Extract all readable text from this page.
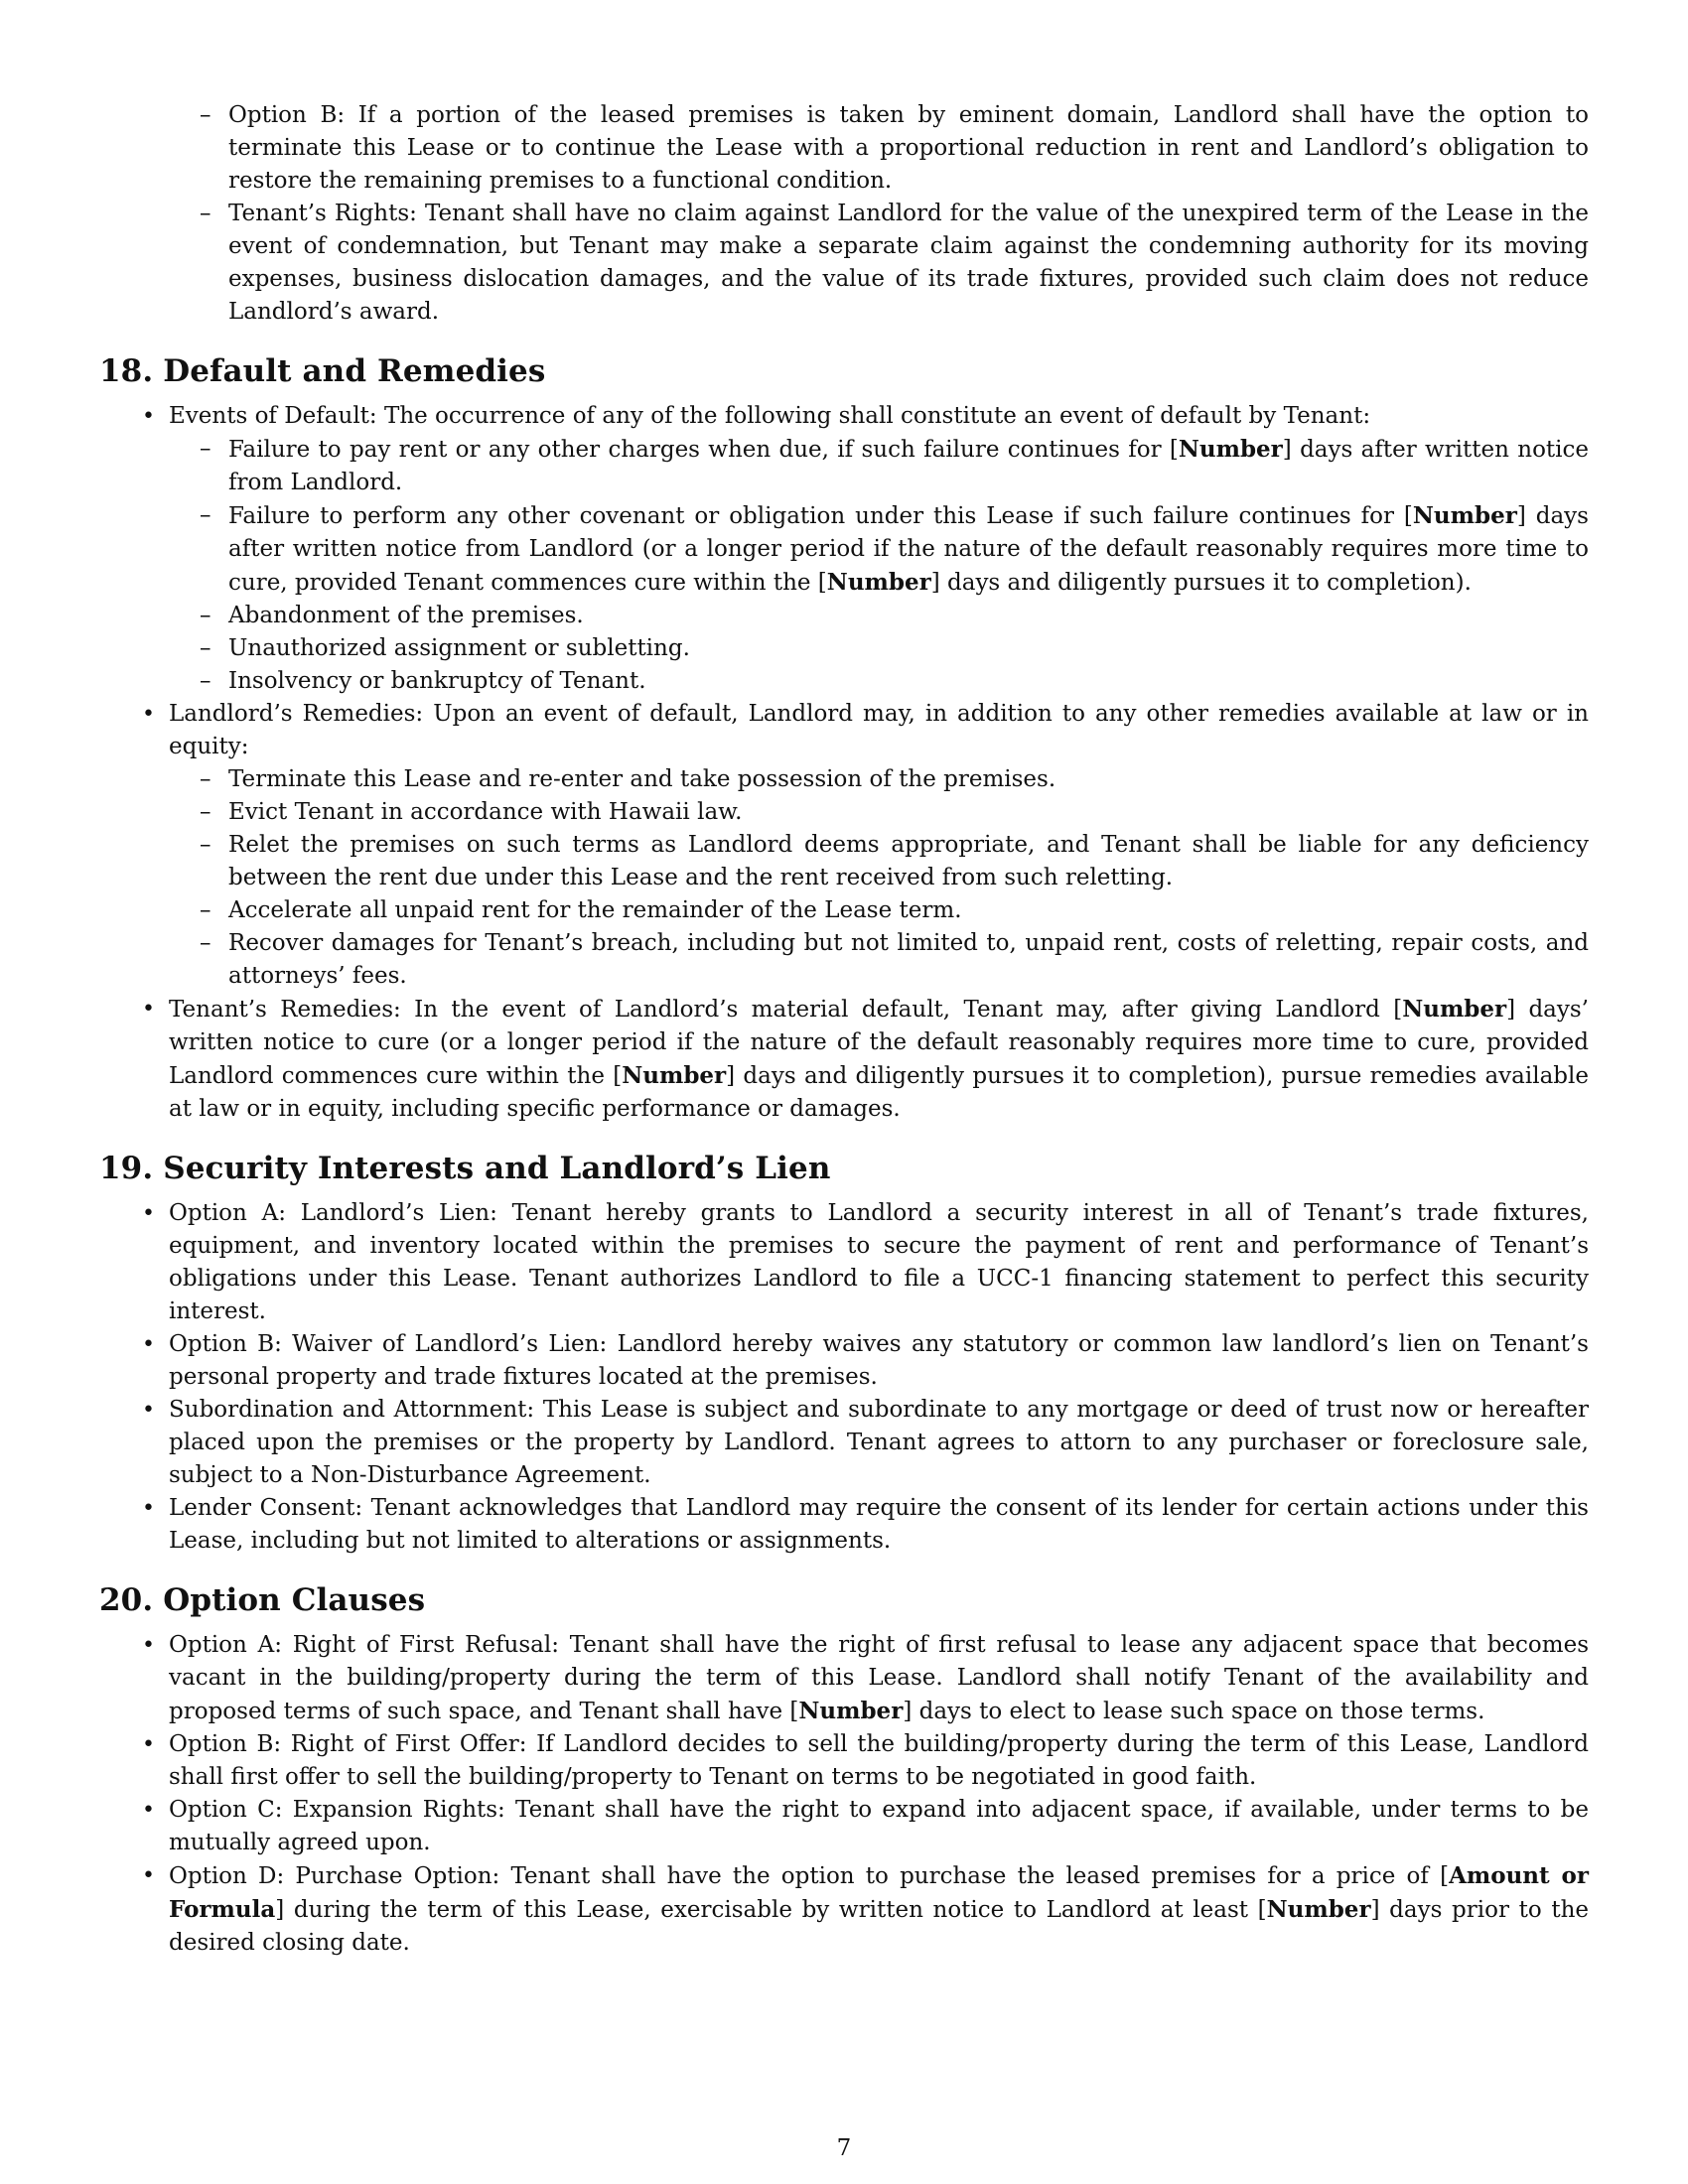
– Option B: If a portion of the leased premises is taken by eminent domain, Landlord shall have the option to terminate this Lease or to continue the Lease with a proportional reduction in rent and Landlord’s obligation to restore the remaining premises to a functional condition.
– Tenant’s Rights: Tenant shall have no claim against Landlord for the value of the unexpired term of the Lease in the event of condemnation, but Tenant may make a separate claim against the condemning authority for its moving expenses, business dislocation damages, and the value of its trade fixtures, provided such claim does not reduce Landlord’s award.
18. Default and Remedies
• Events of Default: The occurrence of any of the following shall constitute an event of default by Tenant:
– Failure to pay rent or any other charges when due, if such failure continues for [Number] days after written notice from Landlord.
– Failure to perform any other covenant or obligation under this Lease if such failure continues for [Number] days after written notice from Landlord (or a longer period if the nature of the default reasonably requires more time to cure, provided Tenant commences cure within the [Number] days and diligently pursues it to completion).
– Abandonment of the premises.
– Unauthorized assignment or subletting.
– Insolvency or bankruptcy of Tenant.
• Landlord’s Remedies: Upon an event of default, Landlord may, in addition to any other remedies available at law or in equity:
– Terminate this Lease and re-enter and take possession of the premises.
– Evict Tenant in accordance with Hawaii law.
– Relet the premises on such terms as Landlord deems appropriate, and Tenant shall be liable for any deficiency between the rent due under this Lease and the rent received from such reletting.
– Accelerate all unpaid rent for the remainder of the Lease term.
– Recover damages for Tenant’s breach, including but not limited to, unpaid rent, costs of reletting, repair costs, and attorneys’ fees.
• Tenant’s Remedies: In the event of Landlord’s material default, Tenant may, after giving Landlord [Number] days’ written notice to cure (or a longer period if the nature of the default reasonably requires more time to cure, provided Landlord commences cure within the [Number] days and diligently pursues it to completion), pursue remedies available at law or in equity, including specific performance or damages.
19. Security Interests and Landlord’s Lien
• Option A: Landlord’s Lien: Tenant hereby grants to Landlord a security interest in all of Tenant’s trade fixtures, equipment, and inventory located within the premises to secure the payment of rent and performance of Tenant’s obligations under this Lease. Tenant authorizes Landlord to file a UCC-1 financing statement to perfect this security interest.
• Option B: Waiver of Landlord’s Lien: Landlord hereby waives any statutory or common law landlord’s lien on Tenant’s personal property and trade fixtures located at the premises.
• Subordination and Attornment: This Lease is subject and subordinate to any mortgage or deed of trust now or hereafter placed upon the premises or the property by Landlord. Tenant agrees to attorn to any purchaser or foreclosure sale, subject to a Non-Disturbance Agreement.
• Lender Consent: Tenant acknowledges that Landlord may require the consent of its lender for certain actions under this Lease, including but not limited to alterations or assignments.
20. Option Clauses
• Option A: Right of First Refusal: Tenant shall have the right of first refusal to lease any adjacent space that becomes vacant in the building/property during the term of this Lease. Landlord shall notify Tenant of the availability and proposed terms of such space, and Tenant shall have [Number] days to elect to lease such space on those terms.
• Option B: Right of First Offer: If Landlord decides to sell the building/property during the term of this Lease, Landlord shall first offer to sell the building/property to Tenant on terms to be negotiated in good faith.
• Option C: Expansion Rights: Tenant shall have the right to expand into adjacent space, if available, under terms to be mutually agreed upon.
• Option D: Purchase Option: Tenant shall have the option to purchase the leased premises for a price of [Amount or Formula] during the term of this Lease, exercisable by written notice to Landlord at least [Number] days prior to the desired closing date.
7
